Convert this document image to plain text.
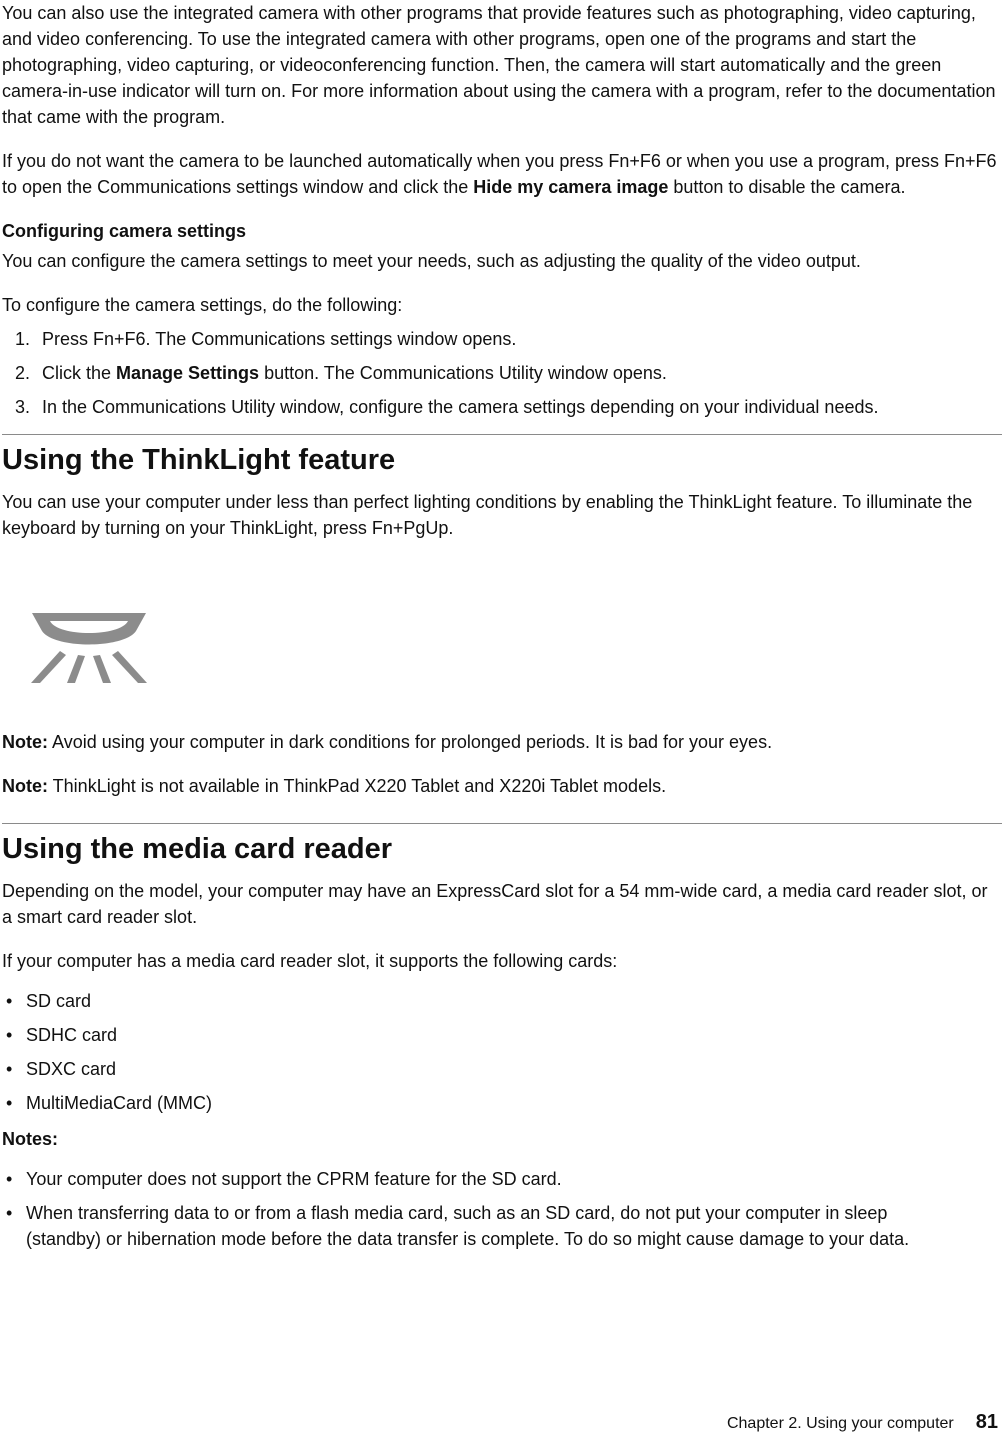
You can also use the integrated camera with other programs that provide features such as photographing, video capturing, and video conferencing. To use the integrated camera with other programs, open one of the programs and start the photographing, video capturing, or videoconferencing function. Then, the camera will start automatically and the green camera-in-use indicator will turn on. For more information about using the camera with a program, refer to the documentation that came with the program.

If you do not want the camera to be launched automatically when you press Fn+F6 or when you use a program, press Fn+F6 to open the Communications settings window and click the Hide my camera image button to disable the camera.

Configuring camera settings

You can configure the camera settings to meet your needs, such as adjusting the quality of the video output.

To configure the camera settings, do the following:

1. Press Fn+F6. The Communications settings window opens.
2. Click the Manage Settings button. The Communications Utility window opens.
3. In the Communications Utility window, configure the camera settings depending on your individual needs.
Using the ThinkLight feature

You can use your computer under less than perfect lighting conditions by enabling the ThinkLight feature. To illuminate the keyboard by turning on your ThinkLight, press Fn+PgUp.

Note: Avoid using your computer in dark conditions for prolonged periods. It is bad for your eyes.

Note: ThinkLight is not available in ThinkPad X220 Tablet and X220i Tablet models.

Using the media card reader

Depending on the model, your computer may have an ExpressCard slot for a 54 mm-wide card, a media card reader slot, or a smart card reader slot.

If your computer has a media card reader slot, it supports the following cards:

• SD card
• SDHC card
• SDXC card
• MultiMediaCard (MMC)

Notes:

• Your computer does not support the CPRM feature for the SD card.
• When transferring data to or from a flash media card, such as an SD card, do not put your computer in sleep (standby) or hibernation mode before the data transfer is complete. To do so might cause damage to your data.
Chapter 2. Using your computer 81
